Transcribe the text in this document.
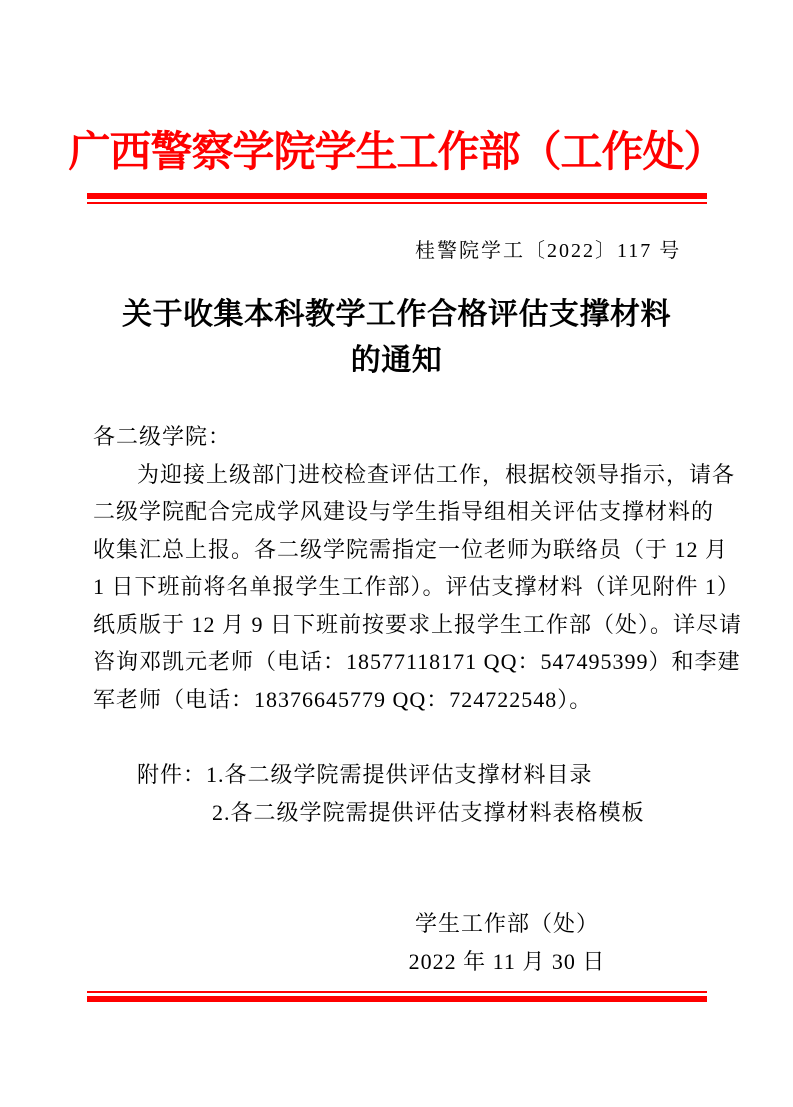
广西警察学院学生工作部（工作处）
桂警院学工〔2022〕117 号
关于收集本科教学工作合格评估支撑材料
的通知
各二级学院：
为迎接上级部门进校检查评估工作，根据校领导指示，请各
二级学院配合完成学风建设与学生指导组相关评估支撑材料的
收集汇总上报。各二级学院需指定一位老师为联络员（于 12 月
1 日下班前将名单报学生工作部）。评估支撑材料（详见附件 1）
纸质版于 12 月 9 日下班前按要求上报学生工作部（处）。详尽请
咨询邓凯元老师（电话：18577118171 QQ：547495399）和李建
军老师（电话：18376645779 QQ：724722548）。
附件：1.各二级学院需提供评估支撑材料目录
2.各二级学院需提供评估支撑材料表格模板
学生工作部（处）
2022 年 11 月 30 日
